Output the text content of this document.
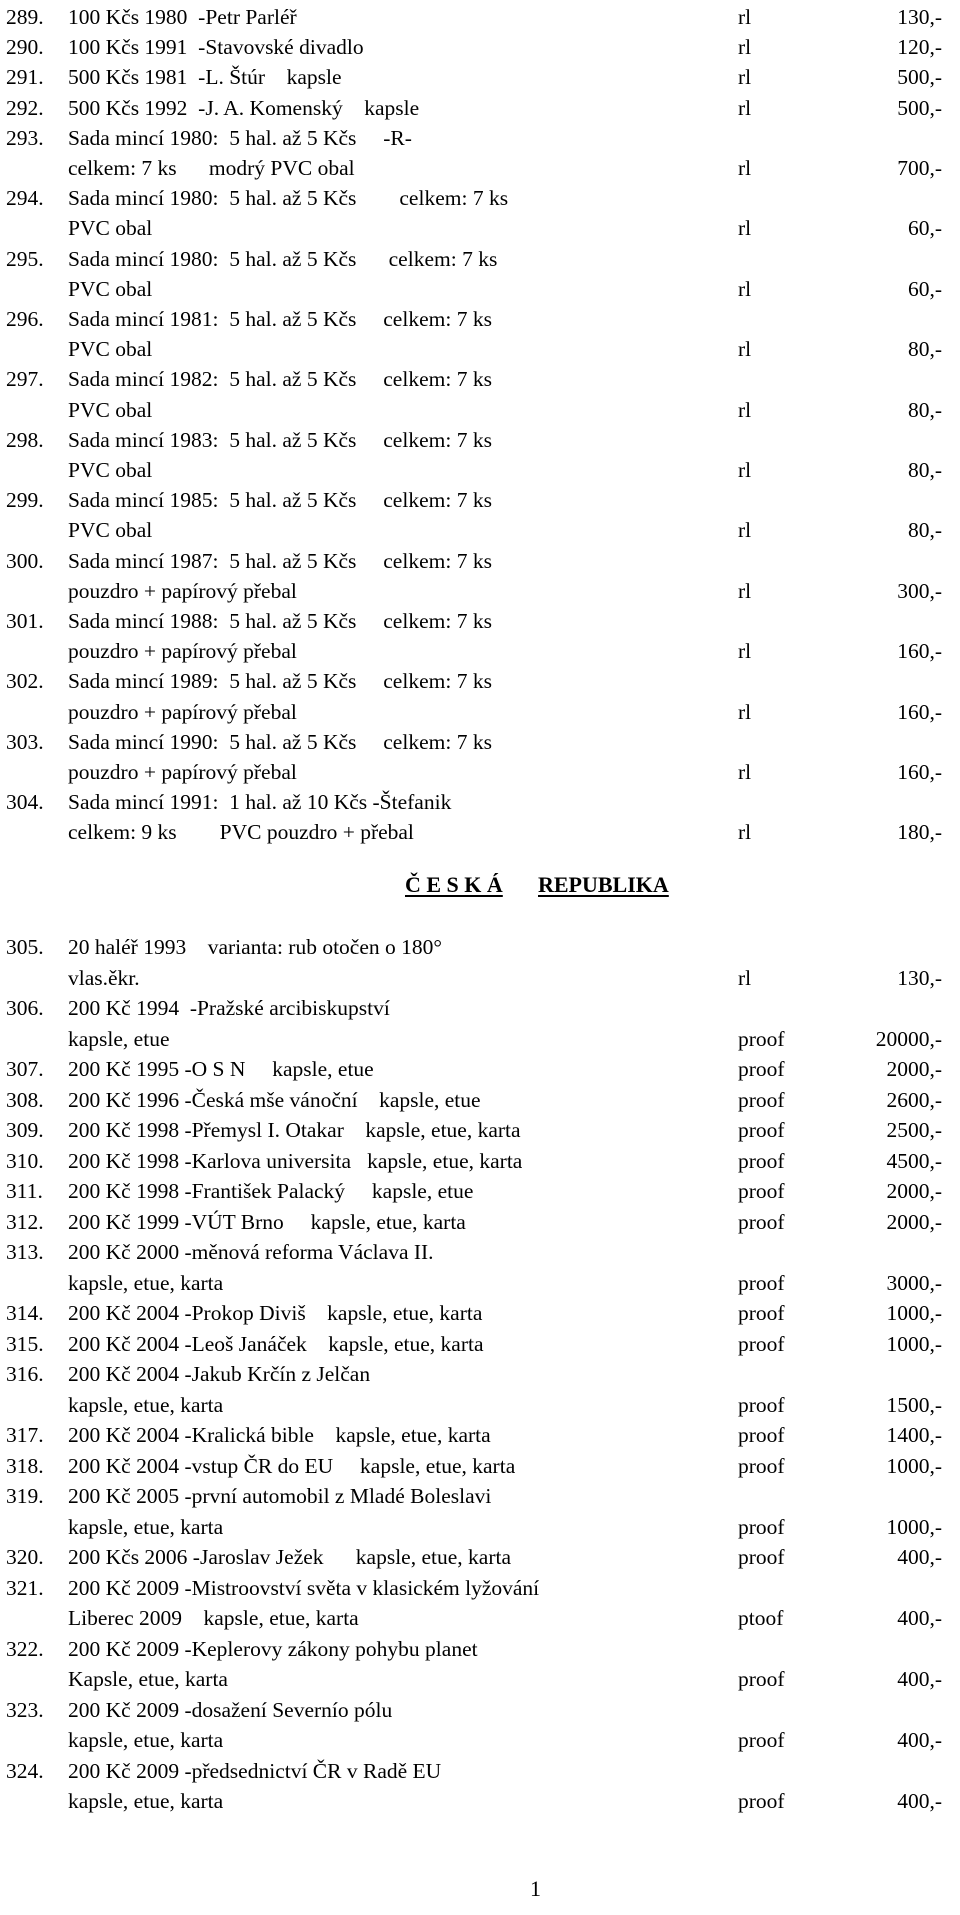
289. 100 Kčs 1980  -Petr Parléř	rl	130,-
290. 100 Kčs 1991  -Stavovské divadlo	rl	120,-
291. 500 Kčs 1981  -L. Štúr    kapsle	rl	500,-
292. 500 Kčs 1992  -J. A. Komenský    kapsle	rl	500,-
293. Sada mincí 1980:  5 hal. až 5 Kčs     -R-
celkem: 7 ks      modrý PVC obal	rl	700,-
294. Sada mincí 1980:  5 hal. až 5 Kčs        celkem: 7 ks
PVC obal	rl	60,-
295. Sada mincí 1980:  5 hal. až 5 Kčs      celkem: 7 ks
PVC obal	rl	60,-
296. Sada mincí 1981:  5 hal. až 5 Kčs     celkem: 7 ks
PVC obal	rl	80,-
297. Sada mincí 1982:  5 hal. až 5 Kčs     celkem: 7 ks
PVC obal	rl	80,-
298. Sada mincí 1983:  5 hal. až 5 Kčs     celkem: 7 ks
PVC obal	rl	80,-
299. Sada mincí 1985:  5 hal. až 5 Kčs     celkem: 7 ks
PVC obal	rl	80,-
300. Sada mincí 1987:  5 hal. až 5 Kčs     celkem: 7 ks
pouzdro + papírový přebal	rl	300,-
301. Sada mincí 1988:  5 hal. až 5 Kčs     celkem: 7 ks
pouzdro + papírový přebal	rl	160,-
302. Sada mincí 1989:  5 hal. až 5 Kčs     celkem: 7 ks
pouzdro + papírový přebal	rl	160,-
303. Sada mincí 1990:  5 hal. až 5 Kčs     celkem: 7 ks
pouzdro + papírový přebal	rl	160,-
304. Sada mincí 1991:  1 hal. až 10 Kčs -Štefanik
celkem: 9 ks        PVC pouzdro + přebal	rl	180,-
Č E S K Á REPUBLIKA
305. 20 haléř 1993    varianta: rub otočen o 180°
vlas.ěkr.	rl	130,-
306. 200 Kč 1994  -Pražské arcibiskupství
kapsle, etue	proof	20000,-
307. 200 Kč 1995 -O S N     kapsle, etue	proof	2000,-
308. 200 Kč 1996 -Česká mše vánoční    kapsle, etue	proof	2600,-
309. 200 Kč 1998 -Přemysl I. Otakar    kapsle, etue, karta	proof	2500,-
310. 200 Kč 1998 -Karlova universita   kapsle, etue, karta	proof	4500,-
311. 200 Kč 1998 -František Palacký     kapsle, etue	proof	2000,-
312. 200 Kč 1999 -VÚT Brno     kapsle, etue, karta	proof	2000,-
313. 200 Kč 2000 -měnová reforma Václava II.
kapsle, etue, karta	proof	3000,-
314. 200 Kč 2004 -Prokop Diviš    kapsle, etue, karta	proof	1000,-
315. 200 Kč 2004 -Leoš Janáček    kapsle, etue, karta	proof	1000,-
316. 200 Kč 2004 -Jakub Krčín z Jelčan
kapsle, etue, karta	proof	1500,-
317. 200 Kč 2004 -Kralická bible    kapsle, etue, karta	proof	1400,-
318. 200 Kč 2004 -vstup ČR do EU     kapsle, etue, karta	proof	1000,-
319. 200 Kč 2005 -první automobil z Mladé Boleslavi
kapsle, etue, karta	proof	1000,-
320. 200 Kčs 2006 -Jaroslav Ježek      kapsle, etue, karta	proof	400,-
321. 200 Kč 2009 -Mistroovství světa v klasickém lyžování
Liberec 2009    kapsle, etue, karta	ptoof	400,-
322. 200 Kč 2009 -Keplerovy zákony pohybu planet
Kapsle, etue, karta	proof	400,-
323. 200 Kč 2009 -dosažení Severnío pólu
kapsle, etue, karta	proof	400,-
324. 200 Kč 2009 -předsednictví ČR v Radě EU
kapsle, etue, karta	proof	400,-
1
